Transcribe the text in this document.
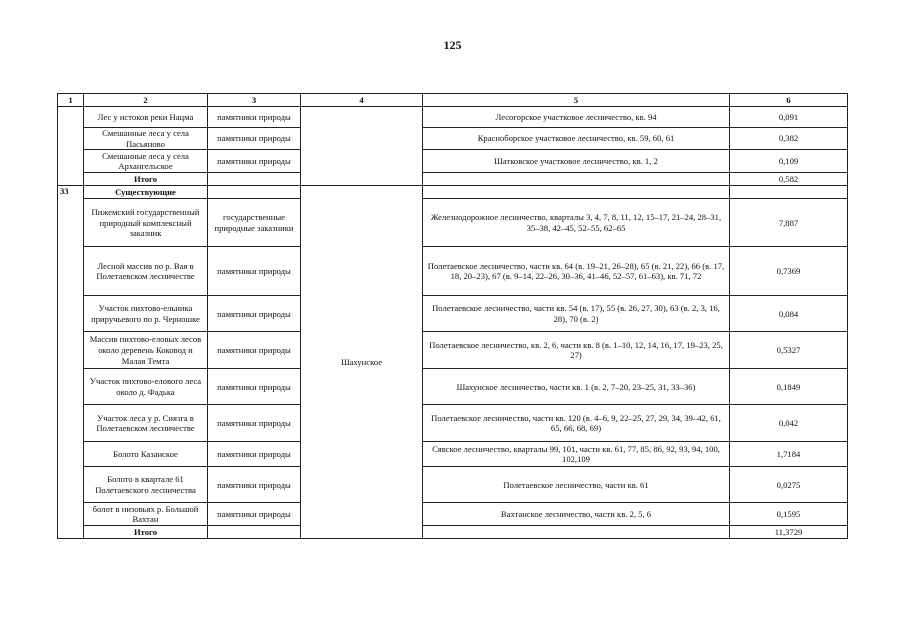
125
1	2	3	4	5	6
	Лес у истоков реки Нацма	памятники природы		Лесогорское участковое лесничество, кв. 94	0,091
	Смешанные леса у села Пасьяново	памятники природы		Красноборское участковое лесничество, кв. 59, 60, 61	0,382
	Смешанные леса у села Архангельское	памятники природы		Шатковское участковое лесничество, кв. 1, 2	0,109
	Итого				0,582
33	Существующие		Шахунское		
	Пижемский государственный природный комплексный заказник	государственные природные заказники		Железнодорожное лесничество, кварталы 3, 4, 7, 8, 11, 12, 15–17, 21–24, 28–31, 35–38, 42–45, 52–55, 62–65	7,887
	Лесной массив по р. Вая в Полетаевском лесничестве	памятники природы		Полетаевское лесничество, части кв. 64 (в. 19–21, 26–28), 65 (в. 21, 22), 66 (в. 17, 18, 20–23), 67 (в. 9–14, 22–26, 30–36, 41–46, 52–57, 61–63), кв. 71, 72	0,7369
	Участок пихтово-ельника приручьевого по р. Черношке	памятники природы		Полетаевское лесничество, части кв. 54 (в. 17), 55 (в. 26, 27, 30), 63 (в. 2, 3, 16, 28), 70 (в. 2)	0,084
	Массив пихтово-еловых лесов около деревень Коковод и Малая Темта	памятники природы		Полетаевское лесничество, кв. 2, 6, части кв. 8 (в. 1–10, 12, 14, 16, 17, 19–23, 25, 27)	0,5327
	Участок пихтово-елового леса около д. Фадька	памятники природы		Шахунское лесничество, части кв. 1 (в. 2, 7–20, 23–25, 31, 33–36)	0,1849
	Участок леса у р. Сиязга в Полетаевском лесничестве	памятники природы		Полетаевское лесничество, части кв. 120 (в. 4–6, 9, 22–25, 27, 29, 34, 39–42, 61, 65, 66, 68, 69)	0,042
	Болото Казанское	памятники природы		Сявское лесничество, кварталы 99, 101, части кв. 61, 77, 85, 86, 92, 93, 94, 100, 102,109	1,7184
	Болото в квартале 61 Полетаевского лесничества	памятники природы		Полетаевское лесничество, части кв. 61	0,0275
	болот в низовьях р. Большой Вахтан	памятники природы		Вахтанское лесничество, части кв. 2, 5, 6	0,1595
	Итого				11,3729
